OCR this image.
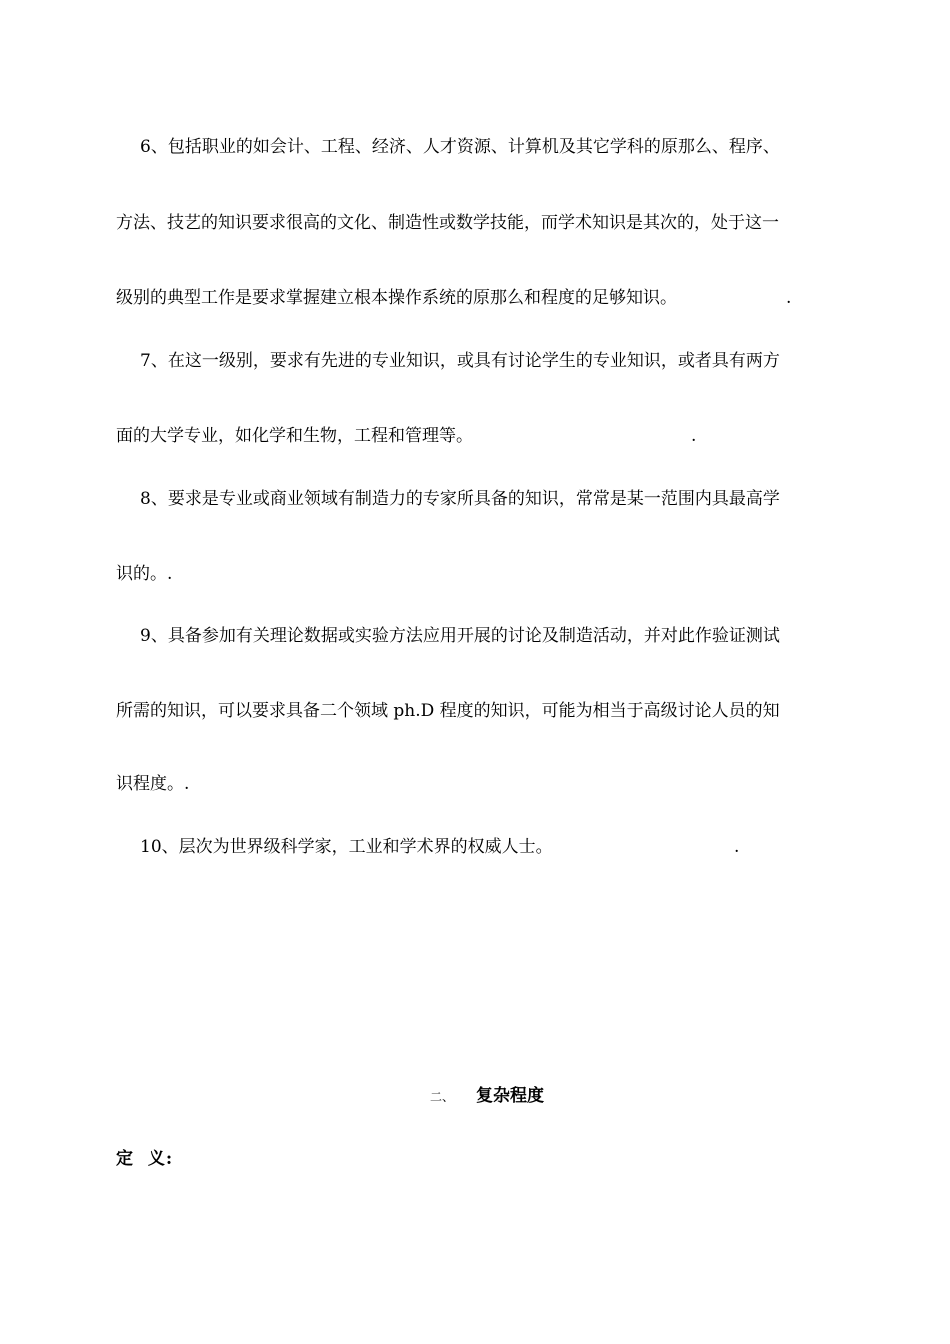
6、包括职业的如会计、工程、经济、人才资源、计算机及其它学科的原那么、程序、
方法、技艺的知识要求很高的文化、制造性或数学技能，而学术知识是其次的，处于这一
级别的典型工作是要求掌握建立根本操作系统的原那么和程度的足够知识。	.
7、在这一级别，要求有先进的专业知识，或具有讨论学生的专业知识，或者具有两方
面的大学专业，如化学和生物，工程和管理等。	.
8、要求是专业或商业领域有制造力的专家所具备的知识，常常是某一范围内具最高学
识的。.
9、具备参加有关理论数据或实验方法应用开展的讨论及制造活动，并对此作验证测试
所需的知识，可以要求具备二个领域 ph.D 程度的知识，可能为相当于高级讨论人员的知
识程度。.
10、层次为世界级科学家，工业和学术界的权威人士。	.
二、 复杂程度
定  义:
